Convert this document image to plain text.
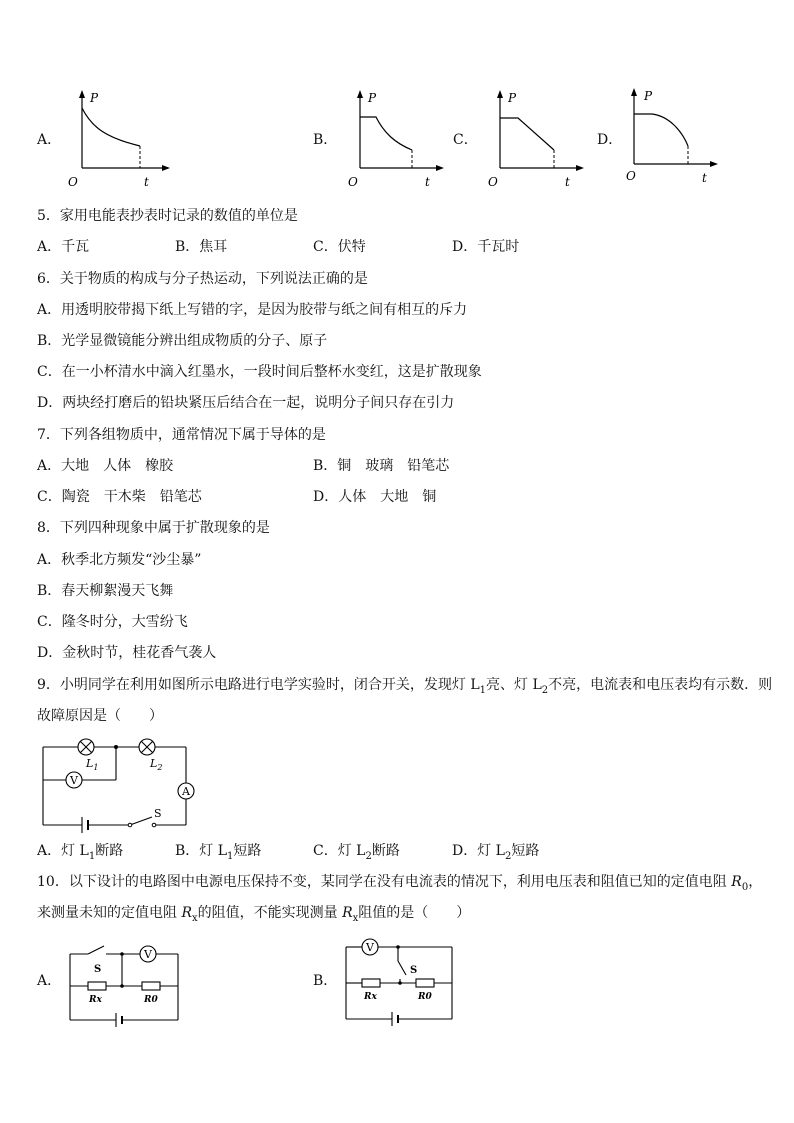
A．
P
O	t
B．
P
O	t
C．
P
O	t
D．
P
O	t
5．家用电能表抄表时记录的数值的单位是
A．千瓦	B．焦耳	C．伏特	D．千瓦时
6．关于物质的构成与分子热运动，下列说法正确的是
A．用透明胶带揭下纸上写错的字，是因为胶带与纸之间有相互的斥力
B．光学显微镜能分辨出组成物质的分子、原子
C．在一小杯清水中滴入红墨水，一段时间后整杯水变红，这是扩散现象
D．两块经打磨后的铅块紧压后结合在一起，说明分子间只存在引力
7．下列各组物质中，通常情况下属于导体的是
A．大地　人体　橡胶	B．铜　玻璃　铅笔芯
C．陶瓷　干木柴　铅笔芯	D．人体　大地　铜
8．下列四种现象中属于扩散现象的是
A．秋季北方频发“沙尘暴”
B．春天柳絮漫天飞舞
C．隆冬时分，大雪纷飞
D．金秋时节，桂花香气袭人
9．小明同学在利用如图所示电路进行电学实验时，闭合开关，发现灯 $L_1$亮、灯 $L_2$不亮，电流表和电压表均有示数．则
故障原因是（　　）
V
A
$L_1$	$L_2$
S
A．灯 $L_1$断路	B．灯 $L_1$短路	C．灯 $L_2$断路	D．灯 $L_2$短路
10．以下设计的电路图中电源电压保持不变，某同学在没有电流表的情况下，利用电压表和阻值已知的定值电阻 $R_0$，
来测量未知的定值电阻 $R_x$的阻值，不能实现测量 $R_x$阻值的是（　　）
A．
V
S
Rx	R0
B．
V
S
Rx	R0
